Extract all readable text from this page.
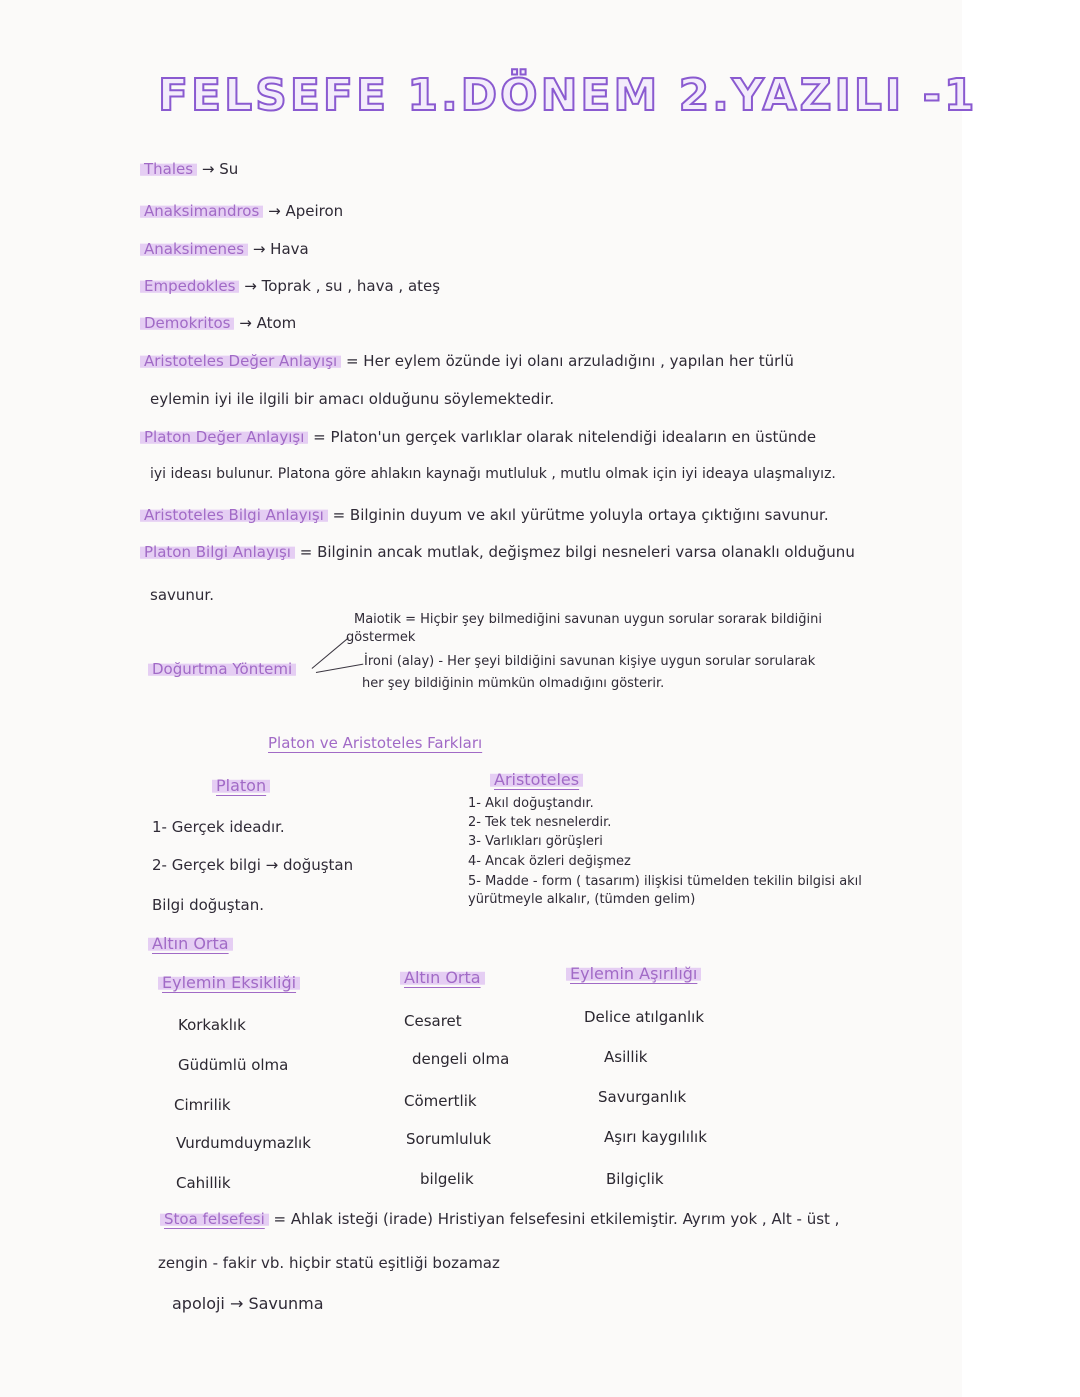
FELSEFE 1.DÖNEM 2.YAZILI -1
Thales → Su
Anaksimandros → Apeiron
Anaksimenes → Hava
Empedokles → Toprak , su , hava , ateş
Demokritos → Atom
Aristoteles Değer Anlayışı = Her eylem özünde iyi olanı arzuladığını , yapılan her türlü
eylemin iyi ile ilgili bir amacı olduğunu söylemektedir.
Platon Değer Anlayışı = Platon'un gerçek varlıklar olarak nitelendiği ideaların en üstünde
iyi ideası bulunur. Platona göre ahlakın kaynağı mutluluk , mutlu olmak için iyi ideaya ulaşmalıyız.
Aristoteles Bilgi Anlayışı = Bilginin duyum ve akıl yürütme yoluyla ortaya çıktığını savunur.
Platon Bilgi Anlayışı = Bilginin ancak mutlak, değişmez bilgi nesneleri varsa olanaklı olduğunu
savunur.
Doğurtma Yöntemi
Maiotik = Hiçbir şey bilmediğini savunan uygun sorular sorarak bildiğini
göstermek
İroni (alay) - Her şeyi bildiğini savunan kişiye uygun sorular sorularak
her şey bildiğinin mümkün olmadığını gösterir.
Platon ve Aristoteles Farkları
Platon	Aristoteles
1- Gerçek ideadır.
2- Gerçek bilgi → doğuştan
Bilgi doğuştan.
1- Akıl doğuştandır.
2- Tek tek nesnelerdir.
3- Varlıkları görüşleri
4- Ancak özleri değişmez
5- Madde - form ( tasarım) ilişkisi tümelden tekilin bilgisi akıl
yürütmeyle alkalır, (tümden gelim)
Altın Orta
Eylemin Eksikliği	Altın Orta	Eylemin Aşırılığı
Korkaklık	Cesaret	Delice atılganlık
Güdümlü olma	dengeli olma	Asillik
Cimrilik	Cömertlik	Savurganlık
Vurdumduymazlık	Sorumluluk	Aşırı kaygılılık
Cahillik	bilgelik	Bilgiçlik
Stoa felsefesi = Ahlak isteği (irade) Hristiyan felsefesini etkilemiştir. Ayrım yok , Alt - üst ,
zengin - fakir vb. hiçbir statü eşitliği bozamaz
apoloji → Savunma
